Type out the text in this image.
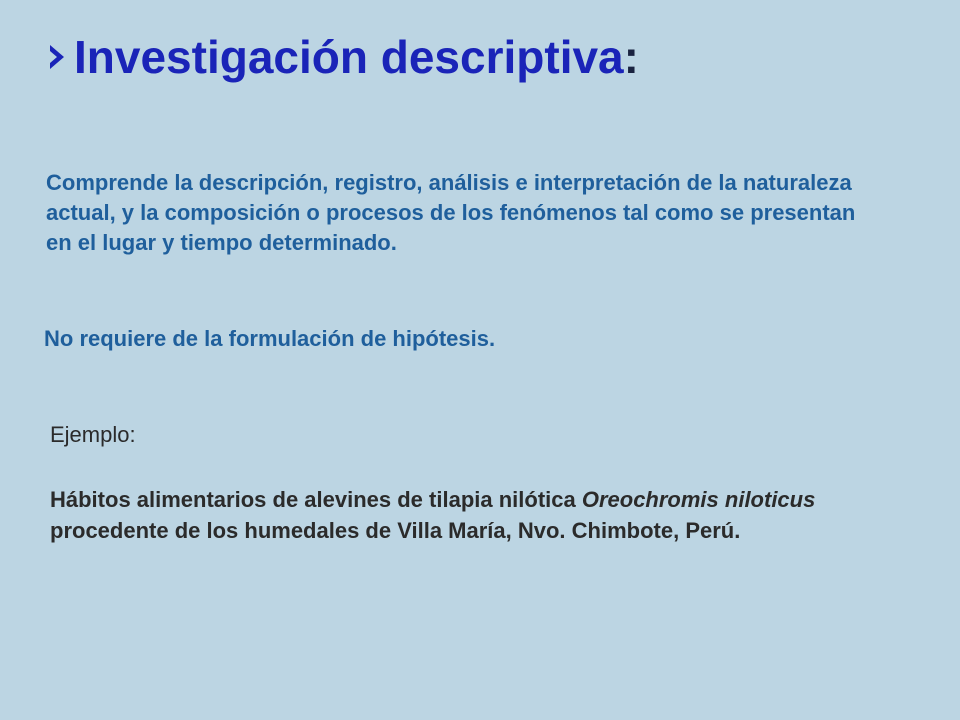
Investigación descriptiva :
Comprende la descripción, registro, análisis e interpretación de la naturaleza actual, y la composición o procesos de los fenómenos tal como se presentan en el lugar y tiempo determinado.
No requiere de la formulación de hipótesis.
Ejemplo:
Hábitos alimentarios de alevines de tilapia nilótica Oreochromis niloticus procedente de los humedales de Villa María, Nvo. Chimbote, Perú.
